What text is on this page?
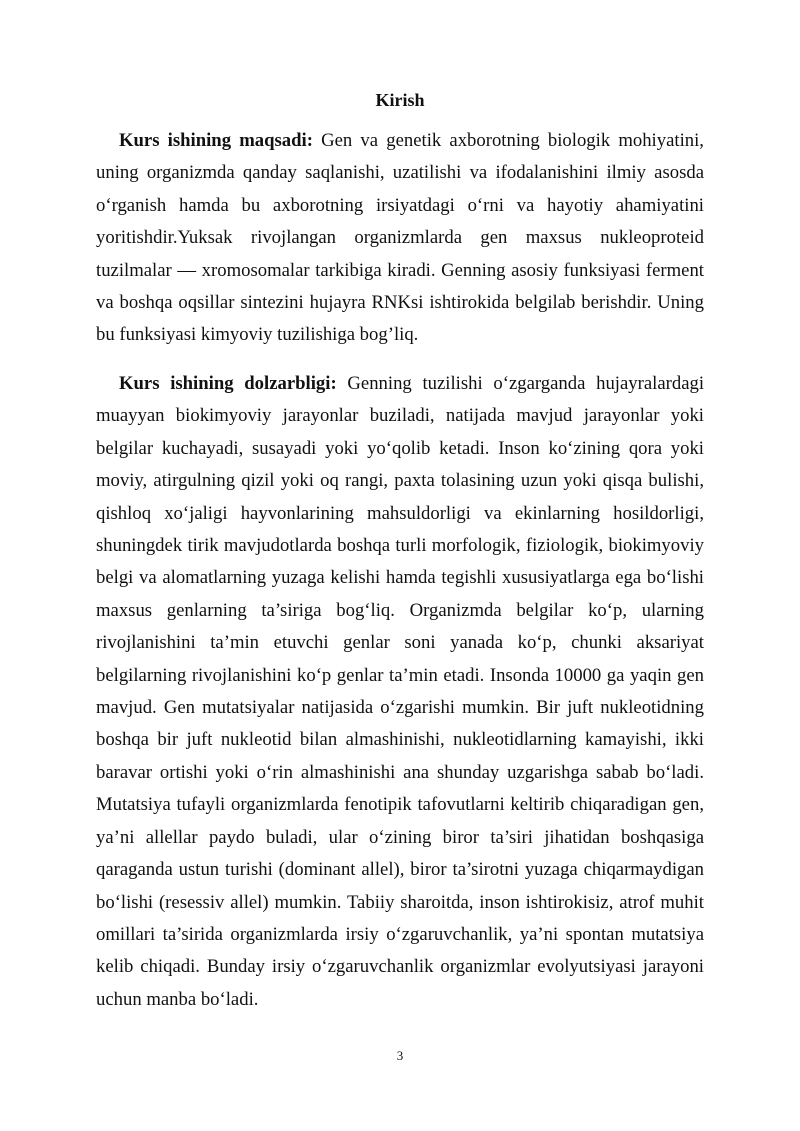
Kirish

Kurs ishining maqsadi: Gen va genetik axborotning biologik mohiyatini, uning organizmda qanday saqlanishi, uzatilishi va ifodalanishini ilmiy asosda o‘rganish hamda bu axborotning irsiyatdagi o‘rni va hayotiy ahamiyatini yoritishdir.Yuksak rivojlangan organizmlarda gen maxsus nukleoproteid tuzilmalar — xromosomalar tarkibiga kiradi. Genning asosiy funksiyasi ferment va boshqa oqsillar sintezini hujayra RNKsi ishtirokida belgilab berishdir. Uning bu funksiyasi kimyoviy tuzilishiga bog’liq.

Kurs ishining dolzarbligi: Genning tuzilishi o‘zgarganda hujayralardagi muayyan biokimyoviy jarayonlar buziladi, natijada mavjud jarayonlar yoki belgilar kuchayadi, susayadi yoki yo‘qolib ketadi. Inson ko‘zining qora yoki moviy, atirgulning qizil yoki oq rangi, paxta tolasining uzun yoki qisqa bulishi, qishloq xo‘jaligi hayvonlarining mahsuldorligi va ekinlarning hosildorligi, shuningdek tirik mavjudotlarda boshqa turli morfologik, fiziologik, biokimyoviy belgi va alomatlarning yuzaga kelishi hamda tegishli xususiyatlarga ega bo‘lishi maxsus genlarning ta’siriga bog‘liq. Organizmda belgilar ko‘p, ularning rivojlanishini ta’min etuvchi genlar soni yanada ko‘p, chunki aksariyat belgilarning rivojlanishini ko‘p genlar ta’min etadi. Insonda 10000 ga yaqin gen mavjud. Gen mutatsiyalar natijasida o‘zgarishi mumkin. Bir juft nukleotidning boshqa bir juft nukleotid bilan almashinishi, nukleotidlarning kamayishi, ikki baravar ortishi yoki o‘rin almashinishi ana shunday uzgarishga sabab bo‘ladi. Mutatsiya tufayli organizmlarda fenotipik tafovutlarni keltirib chiqaradigan gen, ya’ni allellar paydo buladi, ular o‘zining biror ta’siri jihatidan boshqasiga qaraganda ustun turishi (dominant allel), biror ta’sirotni yuzaga chiqarmaydigan bo‘lishi (resessiv allel) mumkin. Tabiiy sharoitda, inson ishtirokisiz, atrof muhit omillari ta’sirida organizmlarda irsiy o‘zgaruvchanlik, ya’ni spontan mutatsiya kelib chiqadi. Bunday irsiy o‘zgaruvchanlik organizmlar evolyutsiyasi jarayoni uchun manba bo‘ladi.

3
